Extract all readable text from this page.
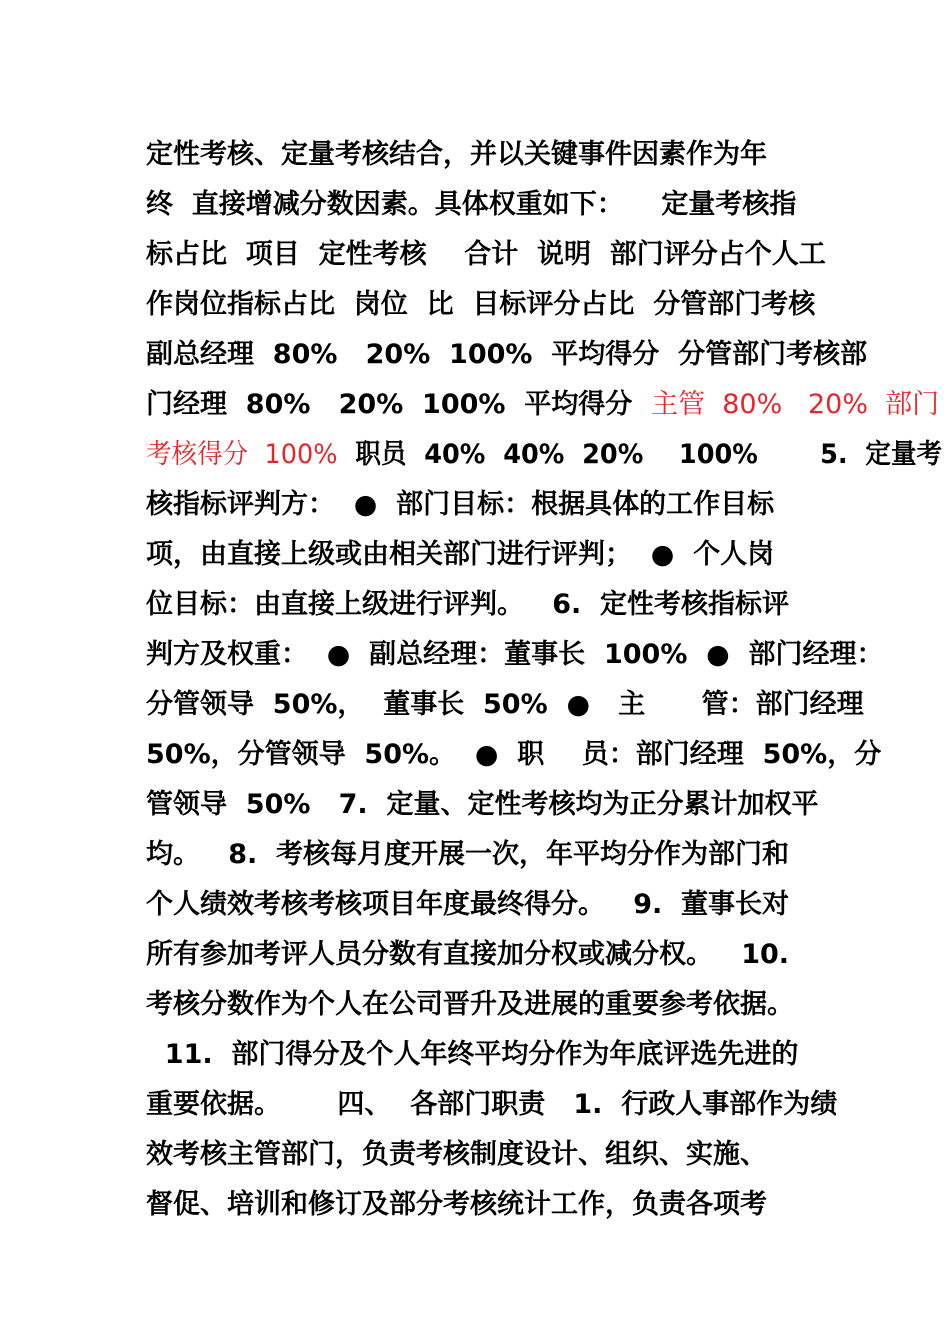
定性考核、定量考核结合，并以关键事件因素作为年
终  直接增减分数因素。具体权重如下：    定量考核指
标占比  项目  定性考核    合计  说明  部门评分占个人工
作岗位指标占比  岗位  比  目标评分占比  分管部门考核
副总经理  80%   20%  100%  平均得分  分管部门考核部
门经理  80%   20%  100%  平均得分  主管  80%   20%  部门
考核得分  100%  职员  40%  40%  20%    100%       5.  定量考
核指标评判方：  ●  部门目标：根据具体的工作目标
项，由直接上级或由相关部门进行评判；  ●  个人岗
位目标：由直接上级进行评判。   6.  定性考核指标评
判方及权重：  ●  副总经理：董事长  100%  ●  部门经理：
分管领导  50%，  董事长  50%  ●   主      管：部门经理
50%，分管领导  50%。  ●  职    员：部门经理  50%，分
管领导  50%   7.  定量、定性考核均为正分累计加权平
均。   8.  考核每月度开展一次，年平均分作为部门和
个人绩效考核考核项目年度最终得分。   9.  董事长对
所有参加考评人员分数有直接加分权或减分权。   10.
考核分数作为个人在公司晋升及进展的重要参考依据。
11.  部门得分及个人年终平均分作为年底评选先进的
重要依据。      四、  各部门职责   1.  行政人事部作为绩
效考核主管部门，负责考核制度设计、组织、实施、
督促、培训和修订及部分考核统计工作，负责各项考
